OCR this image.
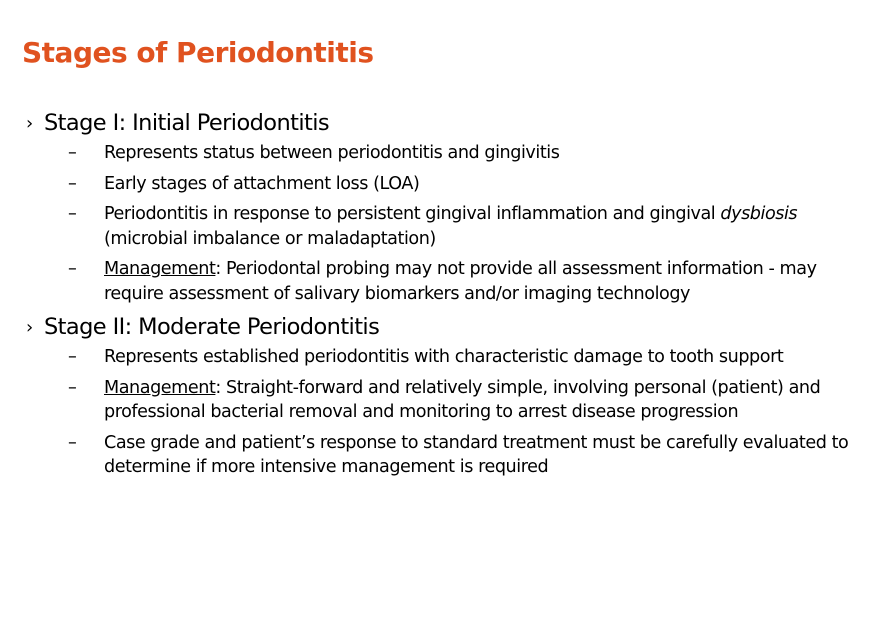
Stages of Periodontitis
› Stage I: Initial Periodontitis
– Represents status between periodontitis and gingivitis
– Early stages of attachment loss (LOA)
– Periodontitis in response to persistent gingival inflammation and gingival dysbiosis (microbial imbalance or maladaptation)
– Management: Periodontal probing may not provide all assessment information - may require assessment of salivary biomarkers and/or imaging technology
› Stage II: Moderate Periodontitis
– Represents established periodontitis with characteristic damage to tooth support
– Management: Straight-forward and relatively simple, involving personal (patient) and professional bacterial removal and monitoring to arrest disease progression
– Case grade and patient’s response to standard treatment must be carefully evaluated to determine if more intensive management is required
